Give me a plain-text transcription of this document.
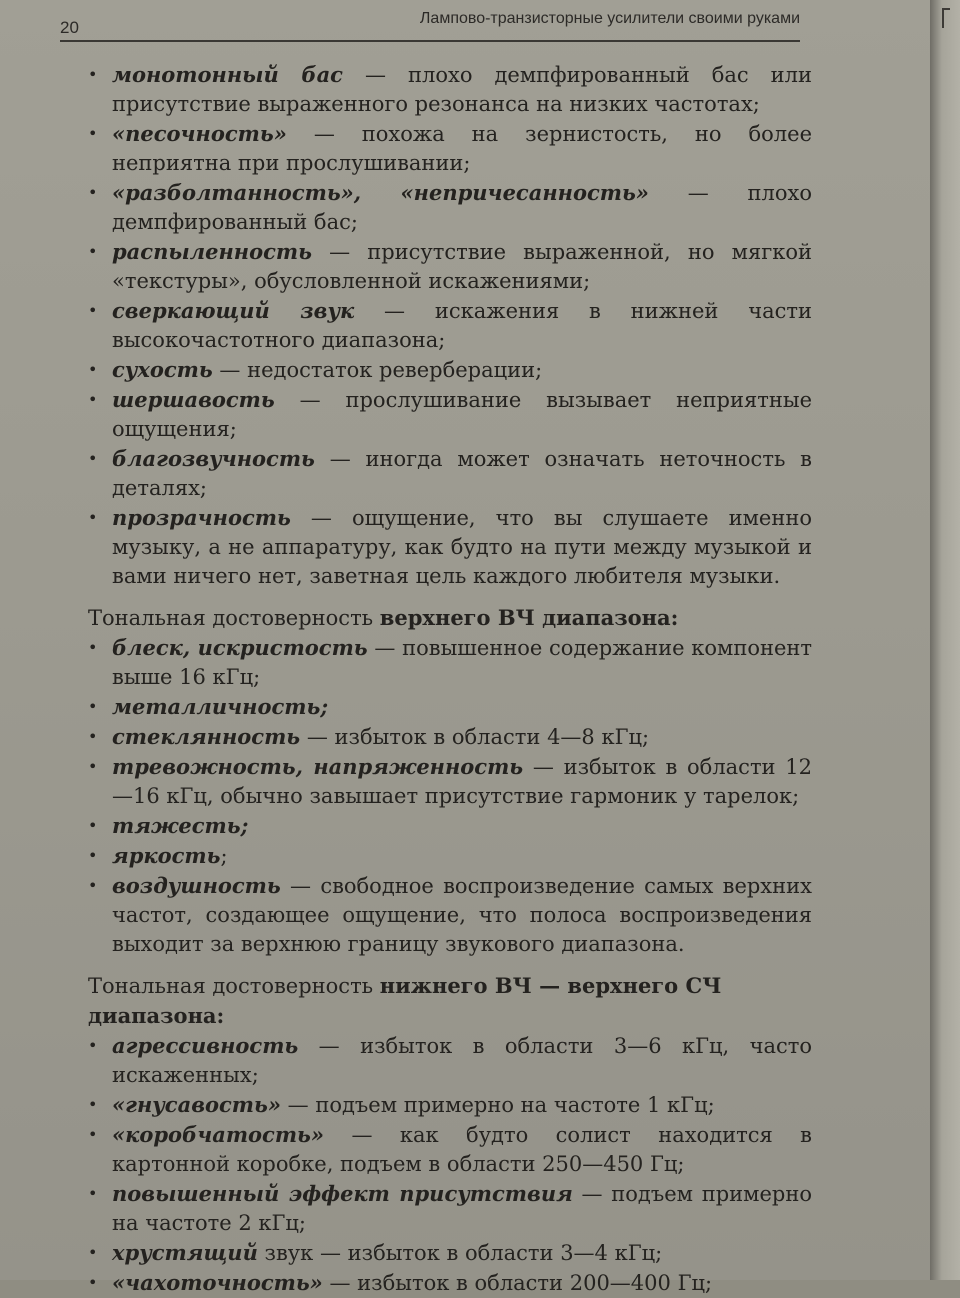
20	Лампово-транзисторные усилители своими руками
• монотонный бас — плохо демпфированный бас или присутствие выраженного резонанса на низких частотах;
• «песочность» — похожа на зернистость, но более неприятна при прослушивании;
• «разболтанность», «непричесанность» — плохо демпфированный бас;
• распыленность — присутствие выраженной, но мягкой «текстуры», обусловленной искажениями;
• сверкающий звук — искажения в нижней части высокочастотного диапазона;
• сухость — недостаток реверберации;
• шершавость — прослушивание вызывает неприятные ощущения;
• благозвучность — иногда может означать неточность в деталях;
• прозрачность — ощущение, что вы слушаете именно музыку, а не аппаратуру, как будто на пути между музыкой и вами ничего нет, заветная цель каждого любителя музыки.

Тональная достоверность верхнего ВЧ диапазона:

• блеск, искристость — повышенное содержание компонент выше 16 кГц;
• металличность;
• стеклянность — избыток в области 4—8 кГц;
• тревожность, напряженность — избыток в области 12—16 кГц, обычно завышает присутствие гармоник у тарелок;
• тяжесть;
• яркость;
• воздушность — свободное воспроизведение самых верхних частот, создающее ощущение, что полоса воспроизведения выходит за верхнюю границу звукового диапазона.

Тональная достоверность нижнего ВЧ — верхнего СЧ диапазона:

• агрессивность — избыток в области 3—6 кГц, часто искаженных;
• «гнусавость» — подъем примерно на частоте 1 кГц;
• «коробчатость» — как будто солист находится в картонной коробке, подъем в области 250—450 Гц;
• повышенный эффект присутствия — подъем примерно на частоте 2 кГц;
• хрустящий звук — избыток в области 3—4 кГц;
• «чахоточность» — избыток в области 200—400 Гц;
